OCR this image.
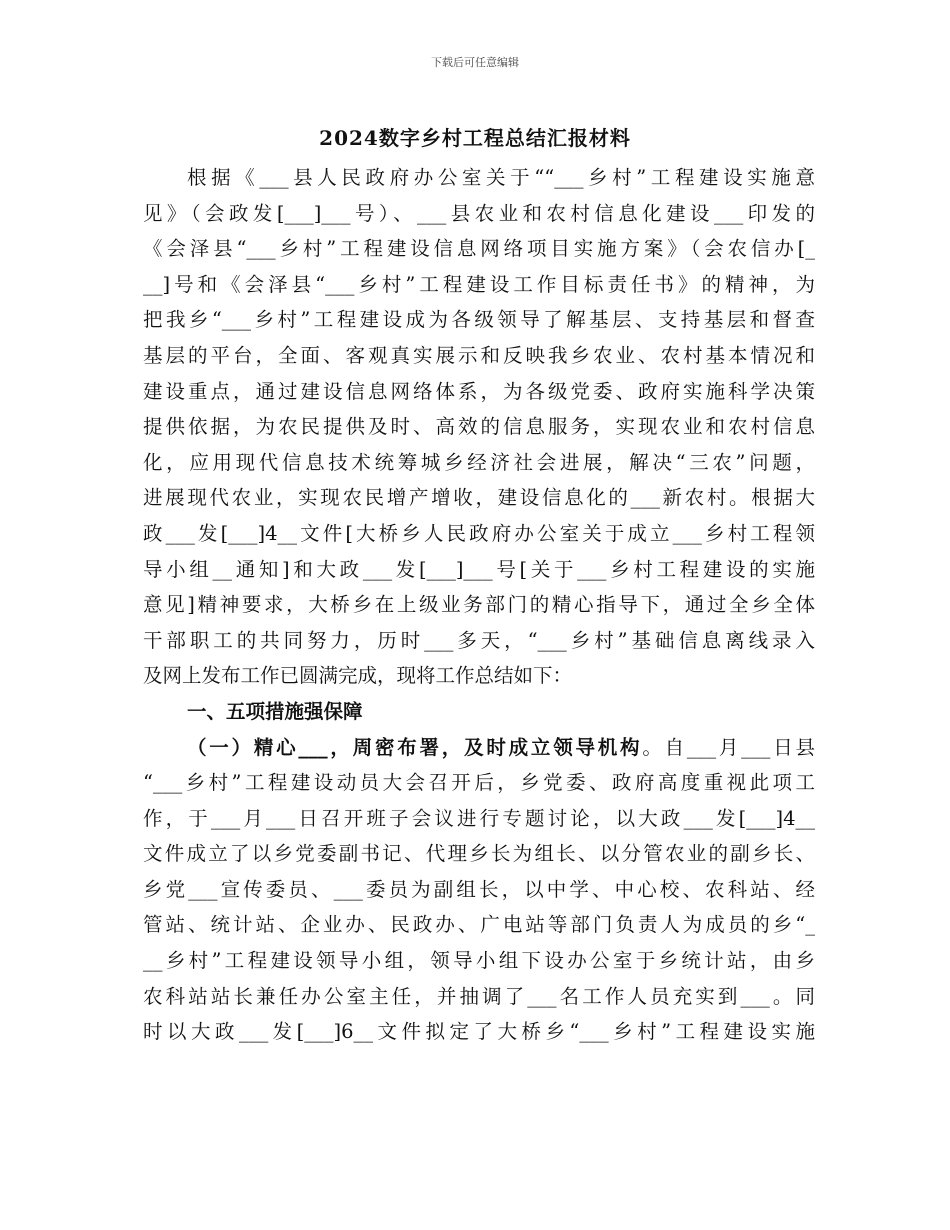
下载后可任意编辑
2024数字乡村工程总结汇报材料
根据《___县人民政府办公室关于““___乡村”工程建设实施意
见》（会政发[___]___号）、___县农业和农村信息化建设___印发的
《会泽县“___乡村”工程建设信息网络项目实施方案》（会农信办[_
__]号和《会泽县“___乡村”工程建设工作目标责任书》的精神，为
把我乡“___乡村”工程建设成为各级领导了解基层、支持基层和督查
基层的平台，全面、客观真实展示和反映我乡农业、农村基本情况和
建设重点，通过建设信息网络体系，为各级党委、政府实施科学决策
提供依据，为农民提供及时、高效的信息服务，实现农业和农村信息
化，应用现代信息技术统筹城乡经济社会进展，解决“三农”问题，
进展现代农业，实现农民增产增收，建设信息化的___新农村。根据大
政___发[___]4__文件[大桥乡人民政府办公室关于成立___乡村工程领
导小组__通知]和大政___发[___]___号[关于___乡村工程建设的实施
意见]精神要求，大桥乡在上级业务部门的精心指导下，通过全乡全体
干部职工的共同努力，历时___多天，“___乡村”基础信息离线录入
及网上发布工作已圆满完成，现将工作总结如下：
一、五项措施强保障
（一）精心___，周密布署，及时成立领导机构。自___月___日县
“___乡村”工程建设动员大会召开后，乡党委、政府高度重视此项工
作，于___月___日召开班子会议进行专题讨论，以大政___发[___]4__
文件成立了以乡党委副书记、代理乡长为组长、以分管农业的副乡长、
乡党___宣传委员、___委员为副组长，以中学、中心校、农科站、经
管站、统计站、企业办、民政办、广电站等部门负责人为成员的乡“_
__乡村”工程建设领导小组，领导小组下设办公室于乡统计站，由乡
农科站站长兼任办公室主任，并抽调了___名工作人员充实到___。同
时以大政___发[___]6__文件拟定了大桥乡“___乡村”工程建设实施
